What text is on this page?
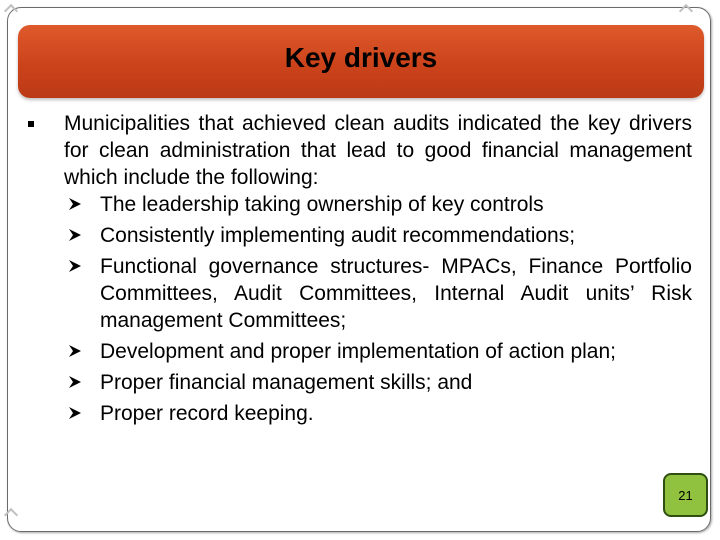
Key drivers

Municipalities that achieved clean audits indicated the key drivers for clean administration that lead to good financial management which include the following:

The leadership taking ownership of key controls
Consistently implementing audit recommendations;
Functional governance structures- MPACs, Finance Portfolio Committees, Audit Committees, Internal Audit units’ Risk management Committees;
Development and proper implementation of action plan;
Proper financial management skills; and
Proper record keeping.
21
